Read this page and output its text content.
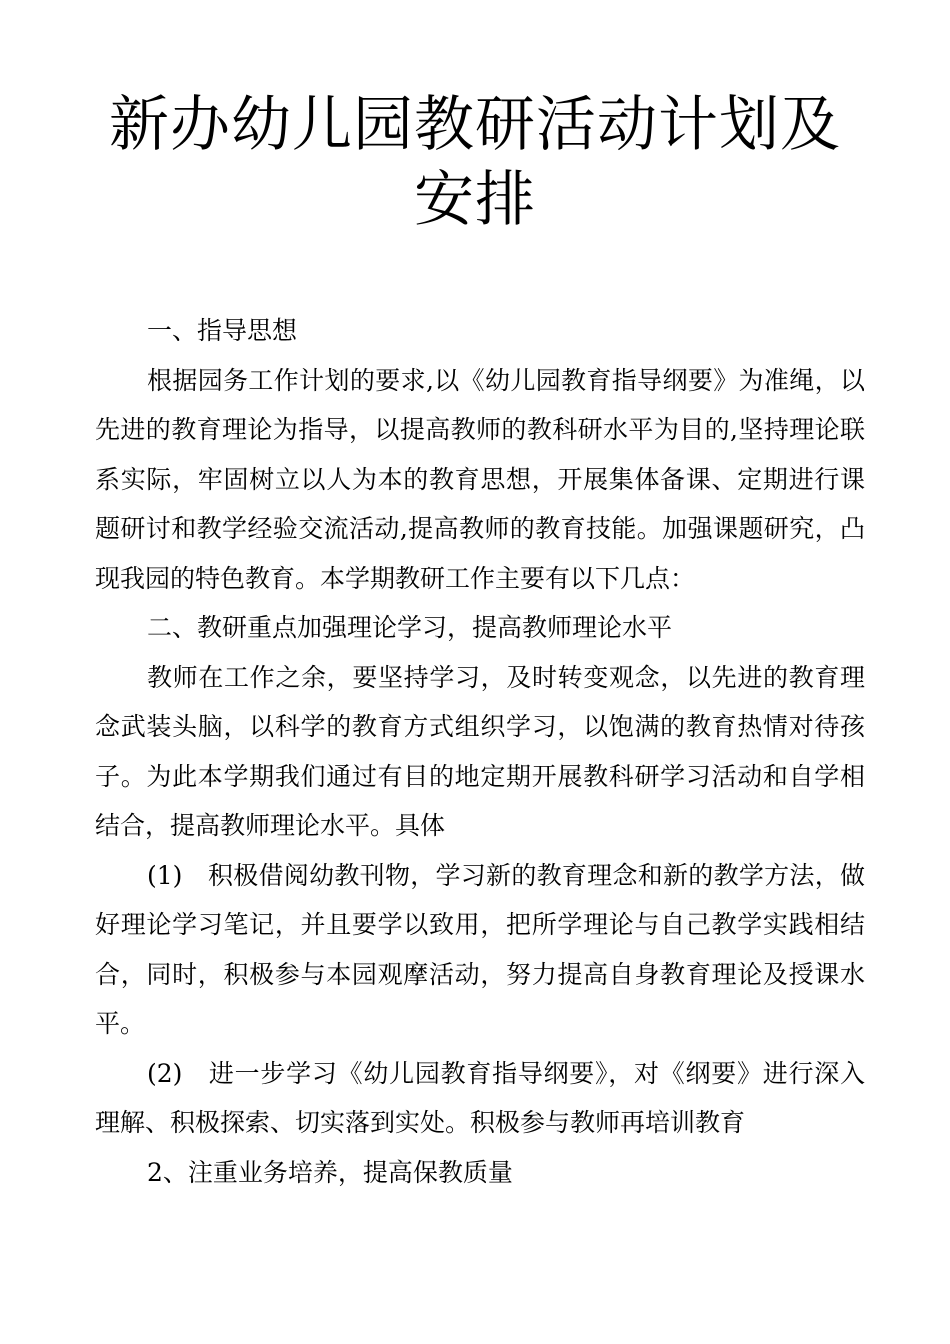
新办幼儿园教研活动计划及安排

一、指导思想

根据园务工作计划的要求,以《幼儿园教育指导纲要》为准绳，以先进的教育理论为指导，以提高教师的教科研水平为目的,坚持理论联系实际，牢固树立以人为本的教育思想，开展集体备课、定期进行课题研讨和教学经验交流活动,提高教师的教育技能。加强课题研究，凸现我园的特色教育。本学期教研工作主要有以下几点：

二、教研重点加强理论学习，提高教师理论水平

教师在工作之余，要坚持学习，及时转变观念，以先进的教育理念武装头脑，以科学的教育方式组织学习，以饱满的教育热情对待孩子。为此本学期我们通过有目的地定期开展教科研学习活动和自学相结合，提高教师理论水平。具体

(1)　积极借阅幼教刊物，学习新的教育理念和新的教学方法，做好理论学习笔记，并且要学以致用，把所学理论与自己教学实践相结合，同时，积极参与本园观摩活动，努力提高自身教育理论及授课水平。

(2)　进一步学习《幼儿园教育指导纲要》，对《纲要》进行深入理解、积极探索、切实落到实处。积极参与教师再培训教育

2、注重业务培养，提高保教质量
